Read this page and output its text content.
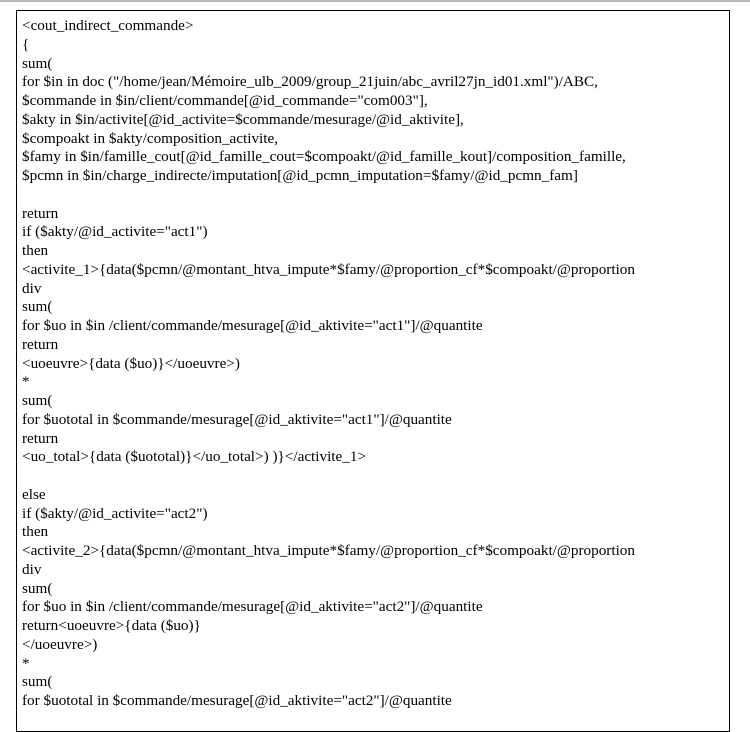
<cout_indirect_commande>
{
sum(
for $in in doc ("/home/jean/Mémoire_ulb_2009/group_21juin/abc_avril27jn_id01.xml")/ABC,
$commande in $in/client/commande[@id_commande="com003"],
$akty in $in/activite[@id_activite=$commande/mesurage/@id_aktivite],
$compoakt in $akty/composition_activite,
$famy in $in/famille_cout[@id_famille_cout=$compoakt/@id_famille_kout]/composition_famille,
$pcmn in $in/charge_indirecte/imputation[@id_pcmn_imputation=$famy/@id_pcmn_fam]
return
if ($akty/@id_activite="act1")
then
<activite_1>{data($pcmn/@montant_htva_impute*$famy/@proportion_cf*$compoakt/@proportion
div
sum(
for $uo in $in /client/commande/mesurage[@id_aktivite="act1"]/@quantite
return
<uoeuvre>{data ($uo)}</uoeuvre>)
*
sum(
for $uototal in $commande/mesurage[@id_aktivite="act1"]/@quantite
return
<uo_total>{data ($uototal)}</uo_total>) )}</activite_1>
else
if ($akty/@id_activite="act2")
then
<activite_2>{data($pcmn/@montant_htva_impute*$famy/@proportion_cf*$compoakt/@proportion
div
sum(
for $uo in $in /client/commande/mesurage[@id_aktivite="act2"]/@quantite
return<uoeuvre>{data ($uo)}
</uoeuvre>)
*
sum(
for $uototal in $commande/mesurage[@id_aktivite="act2"]/@quantite
